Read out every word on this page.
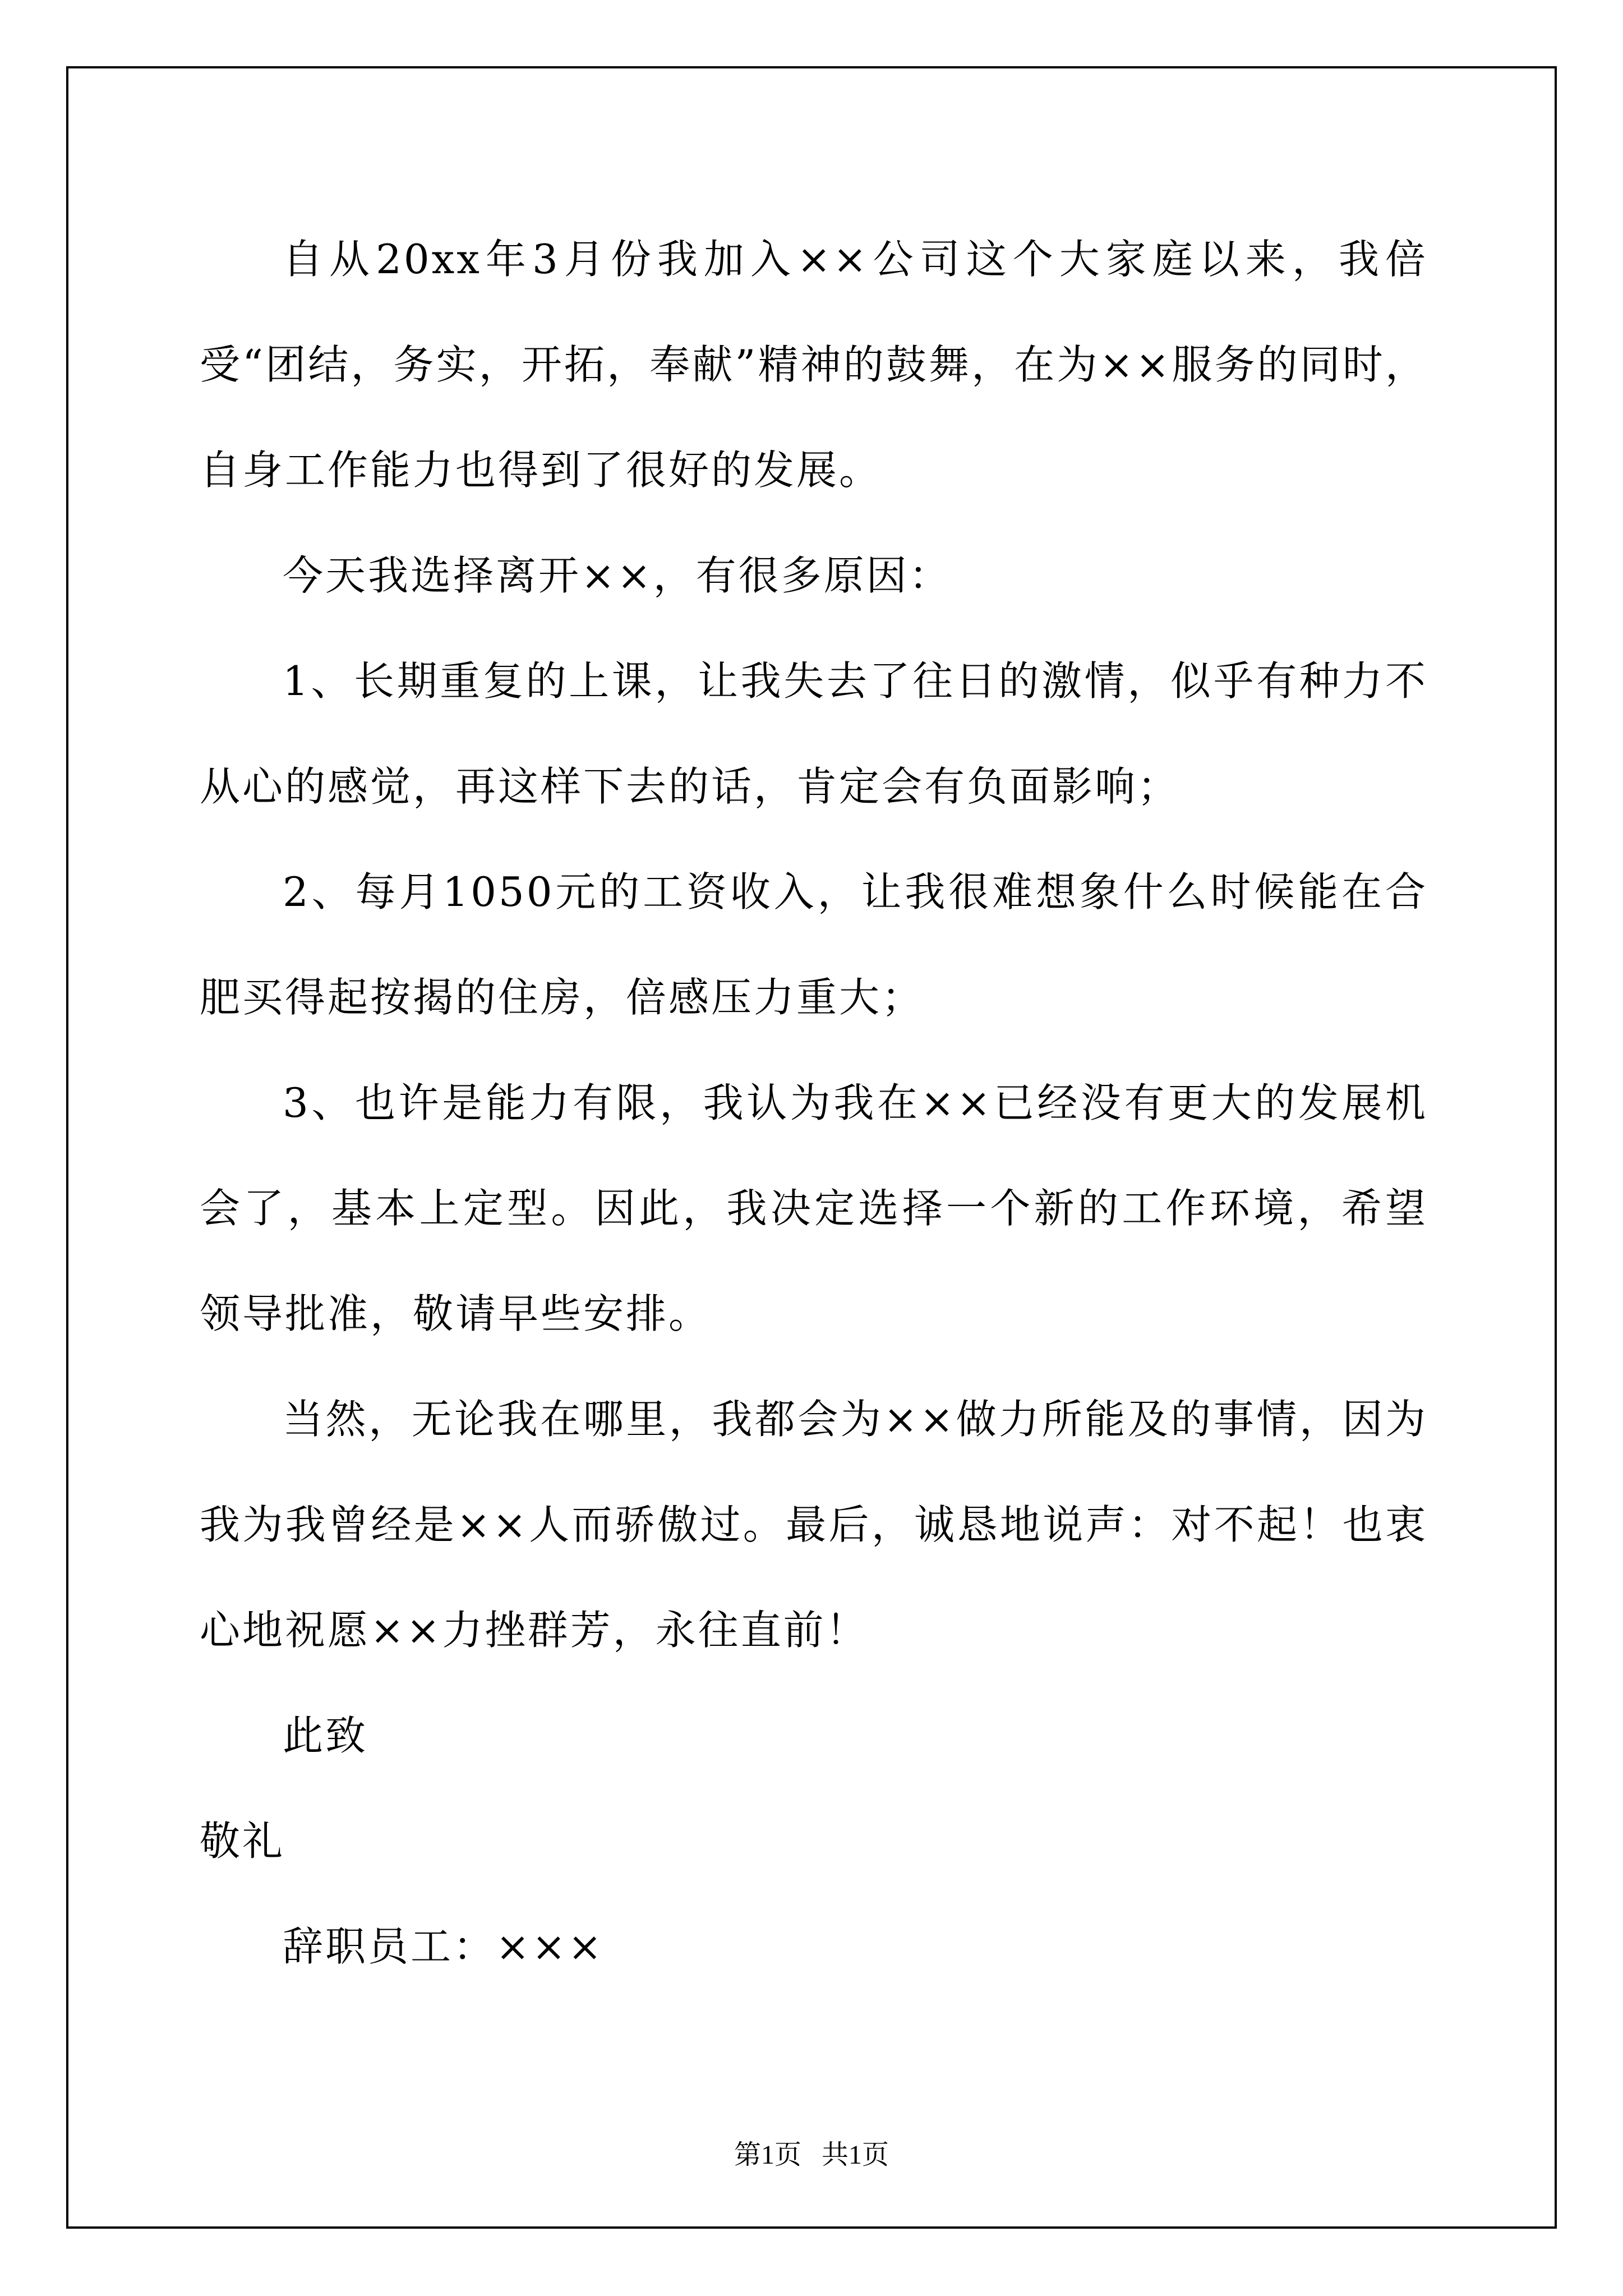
自从20xx年3月份我加入××公司这个大家庭以来，我倍受“团结，务实，开拓，奉献”精神的鼓舞，在为××服务的同时，自身工作能力也得到了很好的发展。

今天我选择离开××，有很多原因：

1、长期重复的上课，让我失去了往日的激情，似乎有种力不从心的感觉，再这样下去的话，肯定会有负面影响；

2、每月1050元的工资收入，让我很难想象什么时候能在合肥买得起按揭的住房，倍感压力重大；

3、也许是能力有限，我认为我在××已经没有更大的发展机会了，基本上定型。因此，我决定选择一个新的工作环境，希望领导批准，敬请早些安排。

当然，无论我在哪里，我都会为××做力所能及的事情，因为我为我曾经是××人而骄傲过。最后，诚恳地说声：对不起！也衷心地祝愿××力挫群芳，永往直前！

此致

敬礼

辞职员工：×××

第1页   共1页
